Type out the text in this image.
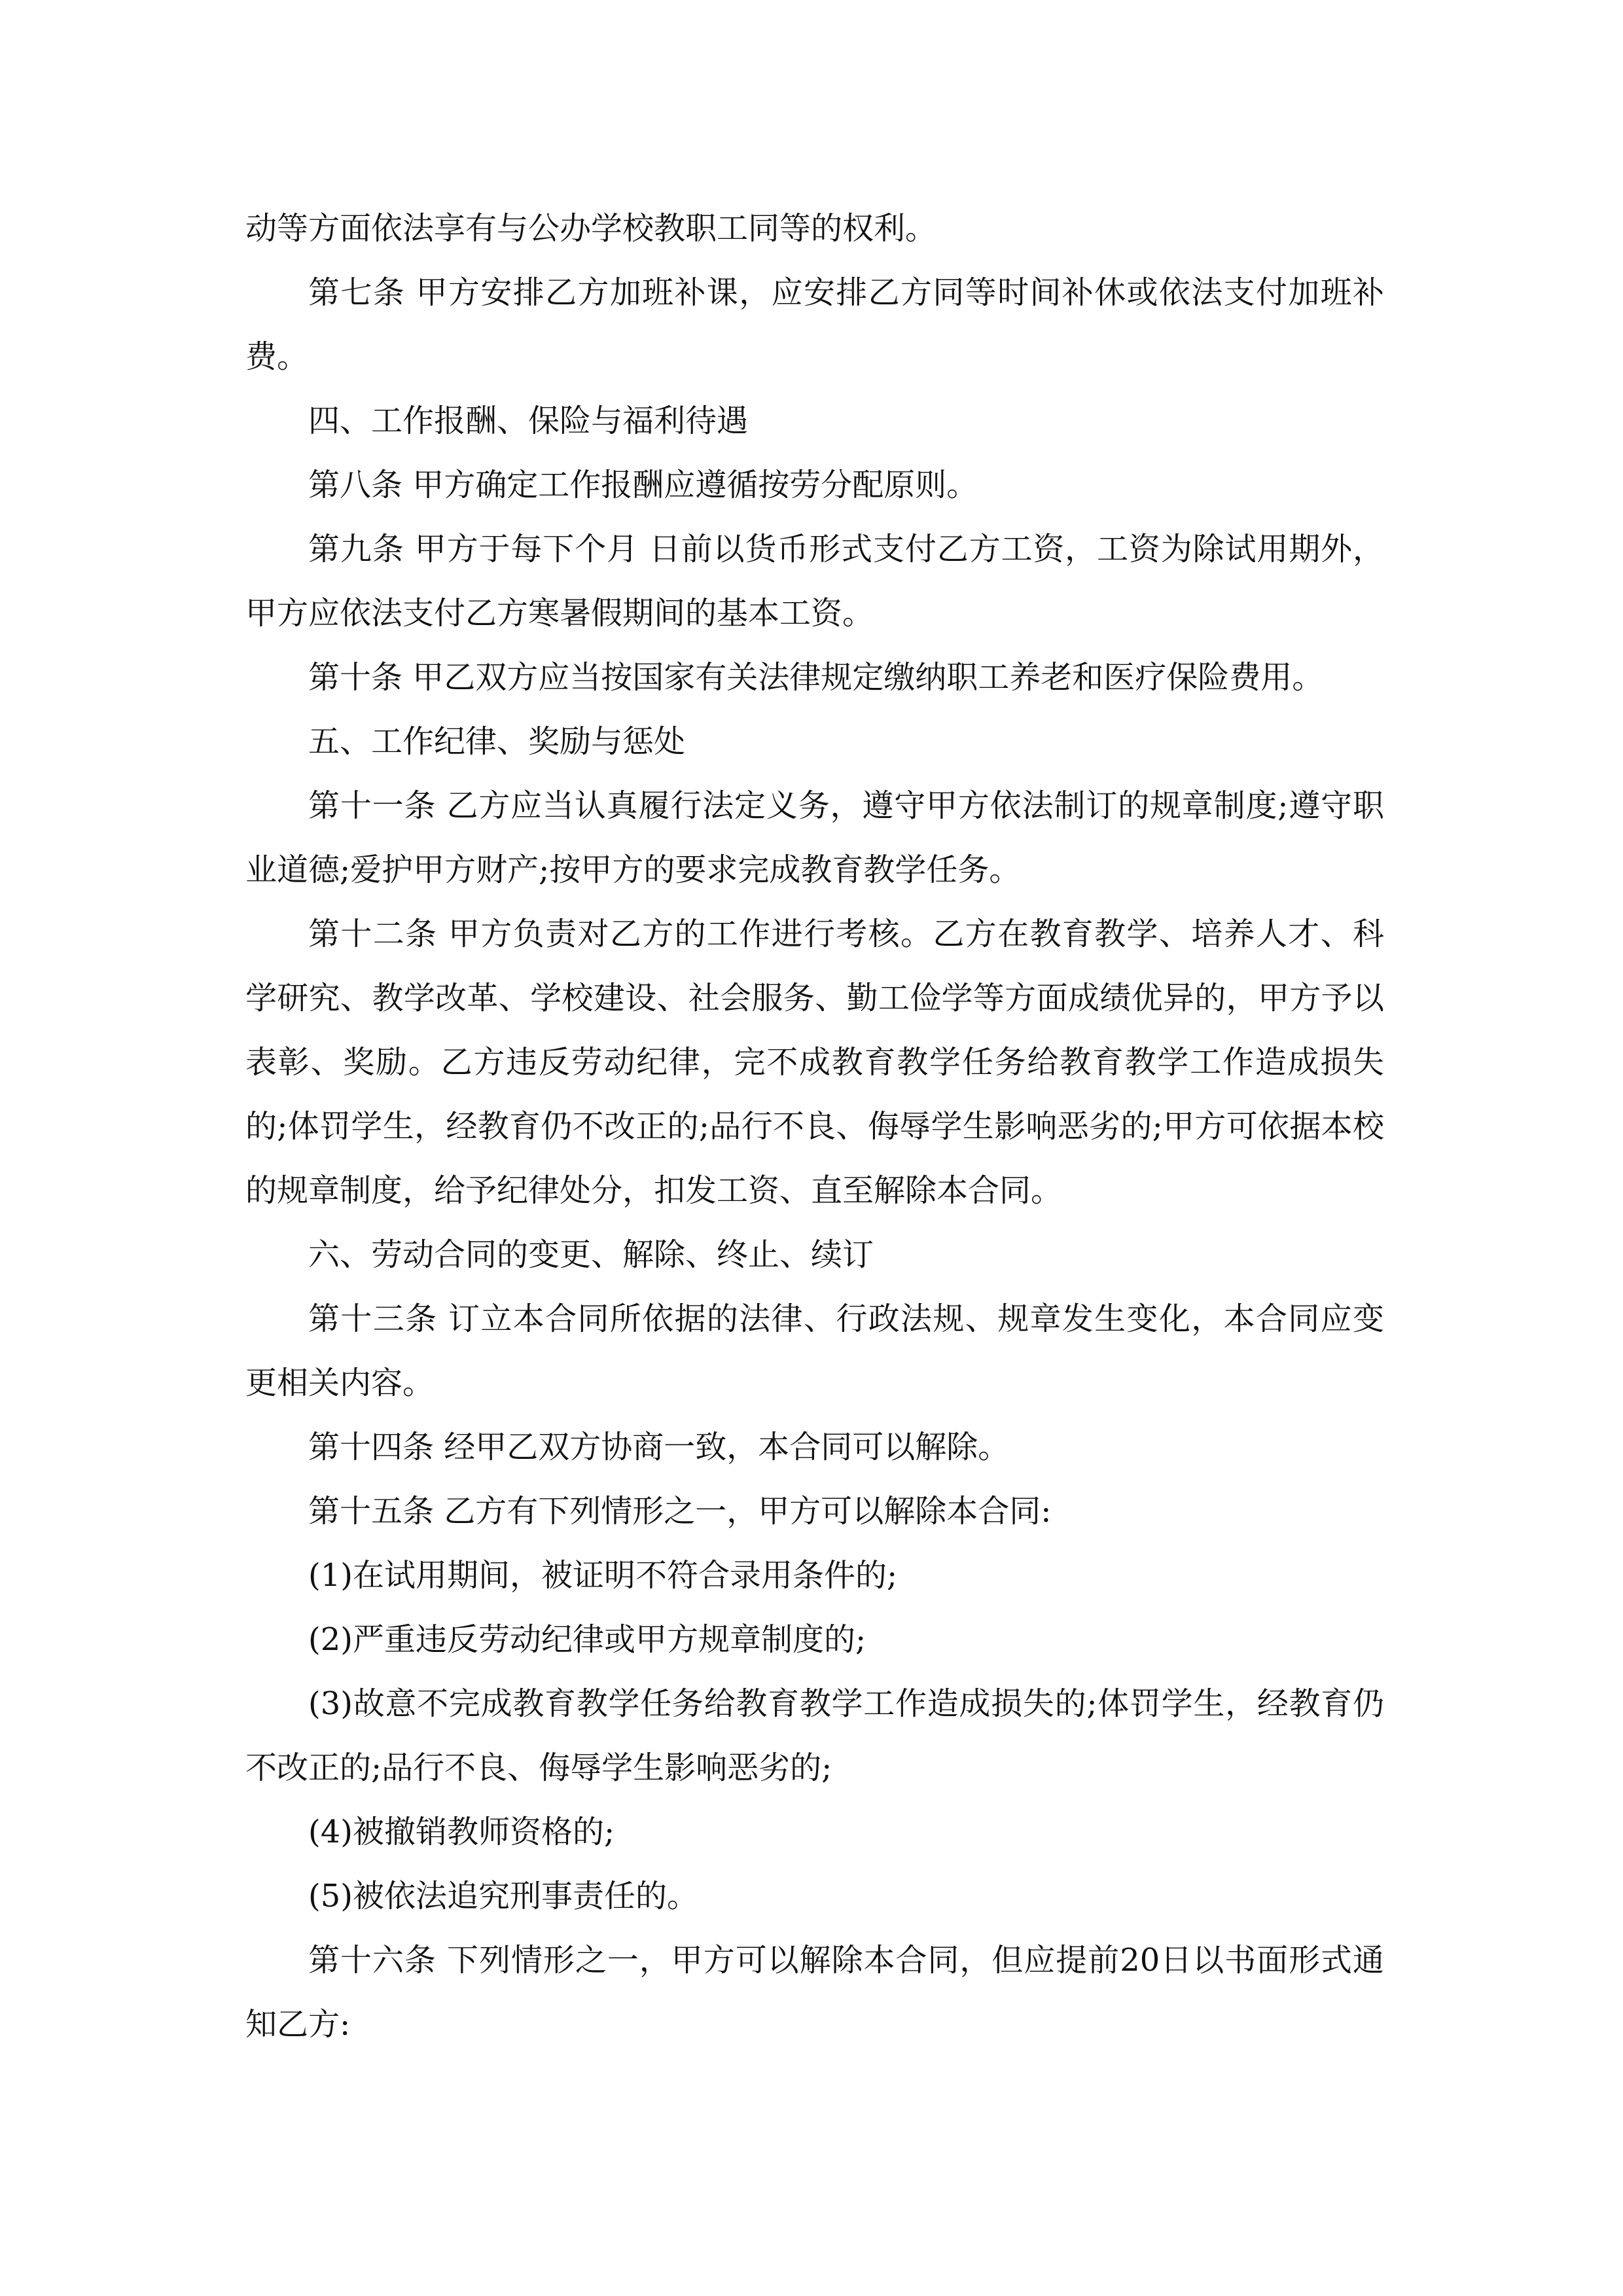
动等方面依法享有与公办学校教职工同等的权利。

第七条 甲方安排乙方加班补课，应安排乙方同等时间补休或依法支付加班补费。

四、工作报酬、保险与福利待遇

第八条 甲方确定工作报酬应遵循按劳分配原则。

第九条 甲方于每下个月 日前以货币形式支付乙方工资，工资为除试用期外，甲方应依法支付乙方寒暑假期间的基本工资。

第十条 甲乙双方应当按国家有关法律规定缴纳职工养老和医疗保险费用。

五、工作纪律、奖励与惩处

第十一条 乙方应当认真履行法定义务，遵守甲方依法制订的规章制度;遵守职业道德;爱护甲方财产;按甲方的要求完成教育教学任务。

第十二条 甲方负责对乙方的工作进行考核。乙方在教育教学、培养人才、科学研究、教学改革、学校建设、社会服务、勤工俭学等方面成绩优异的，甲方予以表彰、奖励。乙方违反劳动纪律，完不成教育教学任务给教育教学工作造成损失的;体罚学生，经教育仍不改正的;品行不良、侮辱学生影响恶劣的;甲方可依据本校的规章制度，给予纪律处分，扣发工资、直至解除本合同。

六、劳动合同的变更、解除、终止、续订

第十三条 订立本合同所依据的法律、行政法规、规章发生变化，本合同应变更相关内容。

第十四条 经甲乙双方协商一致，本合同可以解除。

第十五条 乙方有下列情形之一，甲方可以解除本合同:

(1)在试用期间，被证明不符合录用条件的;

(2)严重违反劳动纪律或甲方规章制度的;

(3)故意不完成教育教学任务给教育教学工作造成损失的;体罚学生，经教育仍不改正的;品行不良、侮辱学生影响恶劣的;

(4)被撤销教师资格的;

(5)被依法追究刑事责任的。

第十六条 下列情形之一，甲方可以解除本合同，但应提前20日以书面形式通知乙方:
